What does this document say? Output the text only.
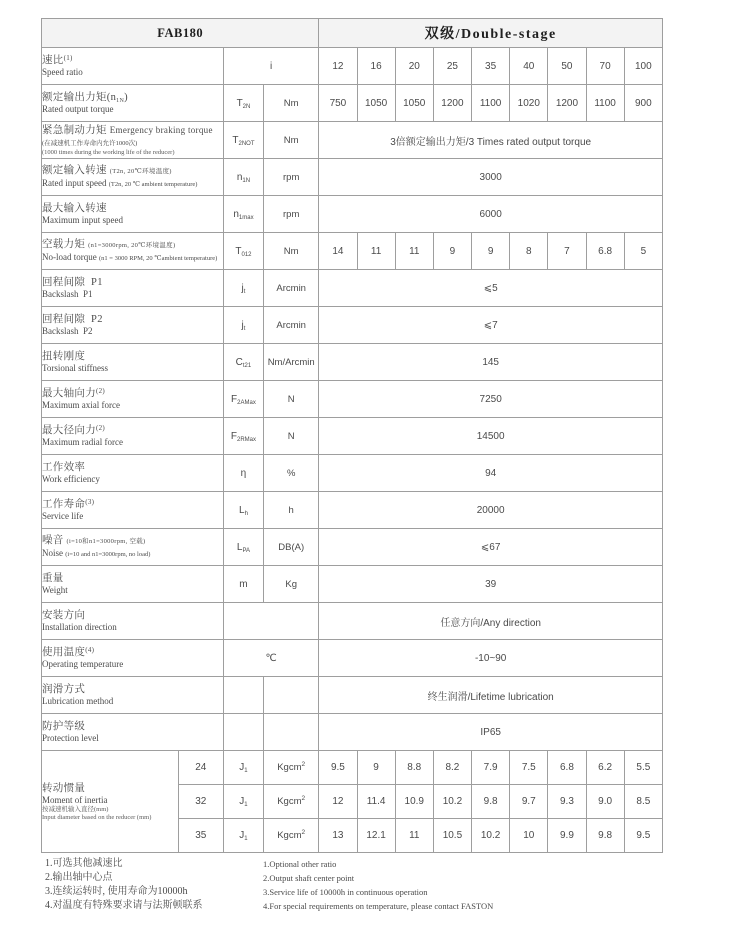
FAB180				双级/Double-stage								

速比$^{(1)}$
Speed ratio		i		12	16	20	25	35	40	50	70	100

额定输出力矩$(n_{1N})$
Rated output torque		$T_{2N}$	Nm	750	1050	1050	1200	1100	1020	1200	1100	900

紧急制动力矩 Emergency braking torque
(在减速机工作寿命内允许1000次)
(1000 times during the working life of the reducer)		$T_{2NOT}$	Nm	3倍额定输出力矩/3 Times rated output torque								

额定输入转速 (T2n, 20℃环境温度)
Rated input speed (T2n, 20 ℃ ambient temperature)		$n_{1N}$	rpm	3000								

最大输入转速
Maximum input speed		$n_{1max}$	rpm	6000								

空载力矩 (n1=3000rpm, 20℃环境温度)
No-load torque (n1 = 3000 RPM, 20 ℃ambient temperature)		$T_{012}$	Nm	14	11	11	9	9	8	7	6.8	5

回程间隙  P1
Backslash  P1		$j_t$	Arcmin	⩽5								

回程间隙  P2
Backslash  P2		$j_t$	Arcmin	⩽7								

扭转刚度
Torsional stiffness		$C_{t21}$	Nm/Arcmin	145								

最大轴向力$^{(2)}$
Maximum axial force		$F_{2AMax}$	N	7250								

最大径向力$^{(2)}$
Maximum radial force		$F_{2RMax}$	N	14500								

工作效率
Work efficiency		η	%	94								

工作寿命$^{(3)}$
Service life		$L_h$	h	20000								

噪音 (i=10和n1=3000rpm, 空载)
Noise (i=10 and n1=3000rpm, no load)		$L_{PA}$	DB(A)	⩽67								

重量
Weight		m	Kg	39								

安装方向
Installation direction				任意方向/Any direction								

使用温度$^{(4)}$
Operating temperature		℃		-10~90								

润滑方式
Lubrication method				终生润滑/Lifetime lubrication								

防护等级
Protection level				IP65								

转动惯量
Moment of inertia
按减速机输入直径(mm)
Input diameter based on the reducer (mm)	24	$J_1$	Kgcm$^2$	9.5	9	8.8	8.2	7.9	7.5	6.8	6.2	5.5
	32	$J_1$	Kgcm$^2$	12	11.4	10.9	10.2	9.8	9.7	9.3	9.0	8.5
	35	$J_1$	Kgcm$^2$	13	12.1	11	10.5	10.2	10	9.9	9.8	9.5
1.可选其他减速比
2.输出轴中心点
3.连续运转时, 使用寿命为10000h
4.对温度有特殊要求请与法斯顿联系
1.Optional other ratio
2.Output shaft center point
3.Service life of 10000h in continuous operation
4.For special requirements on temperature, please contact FASTON
